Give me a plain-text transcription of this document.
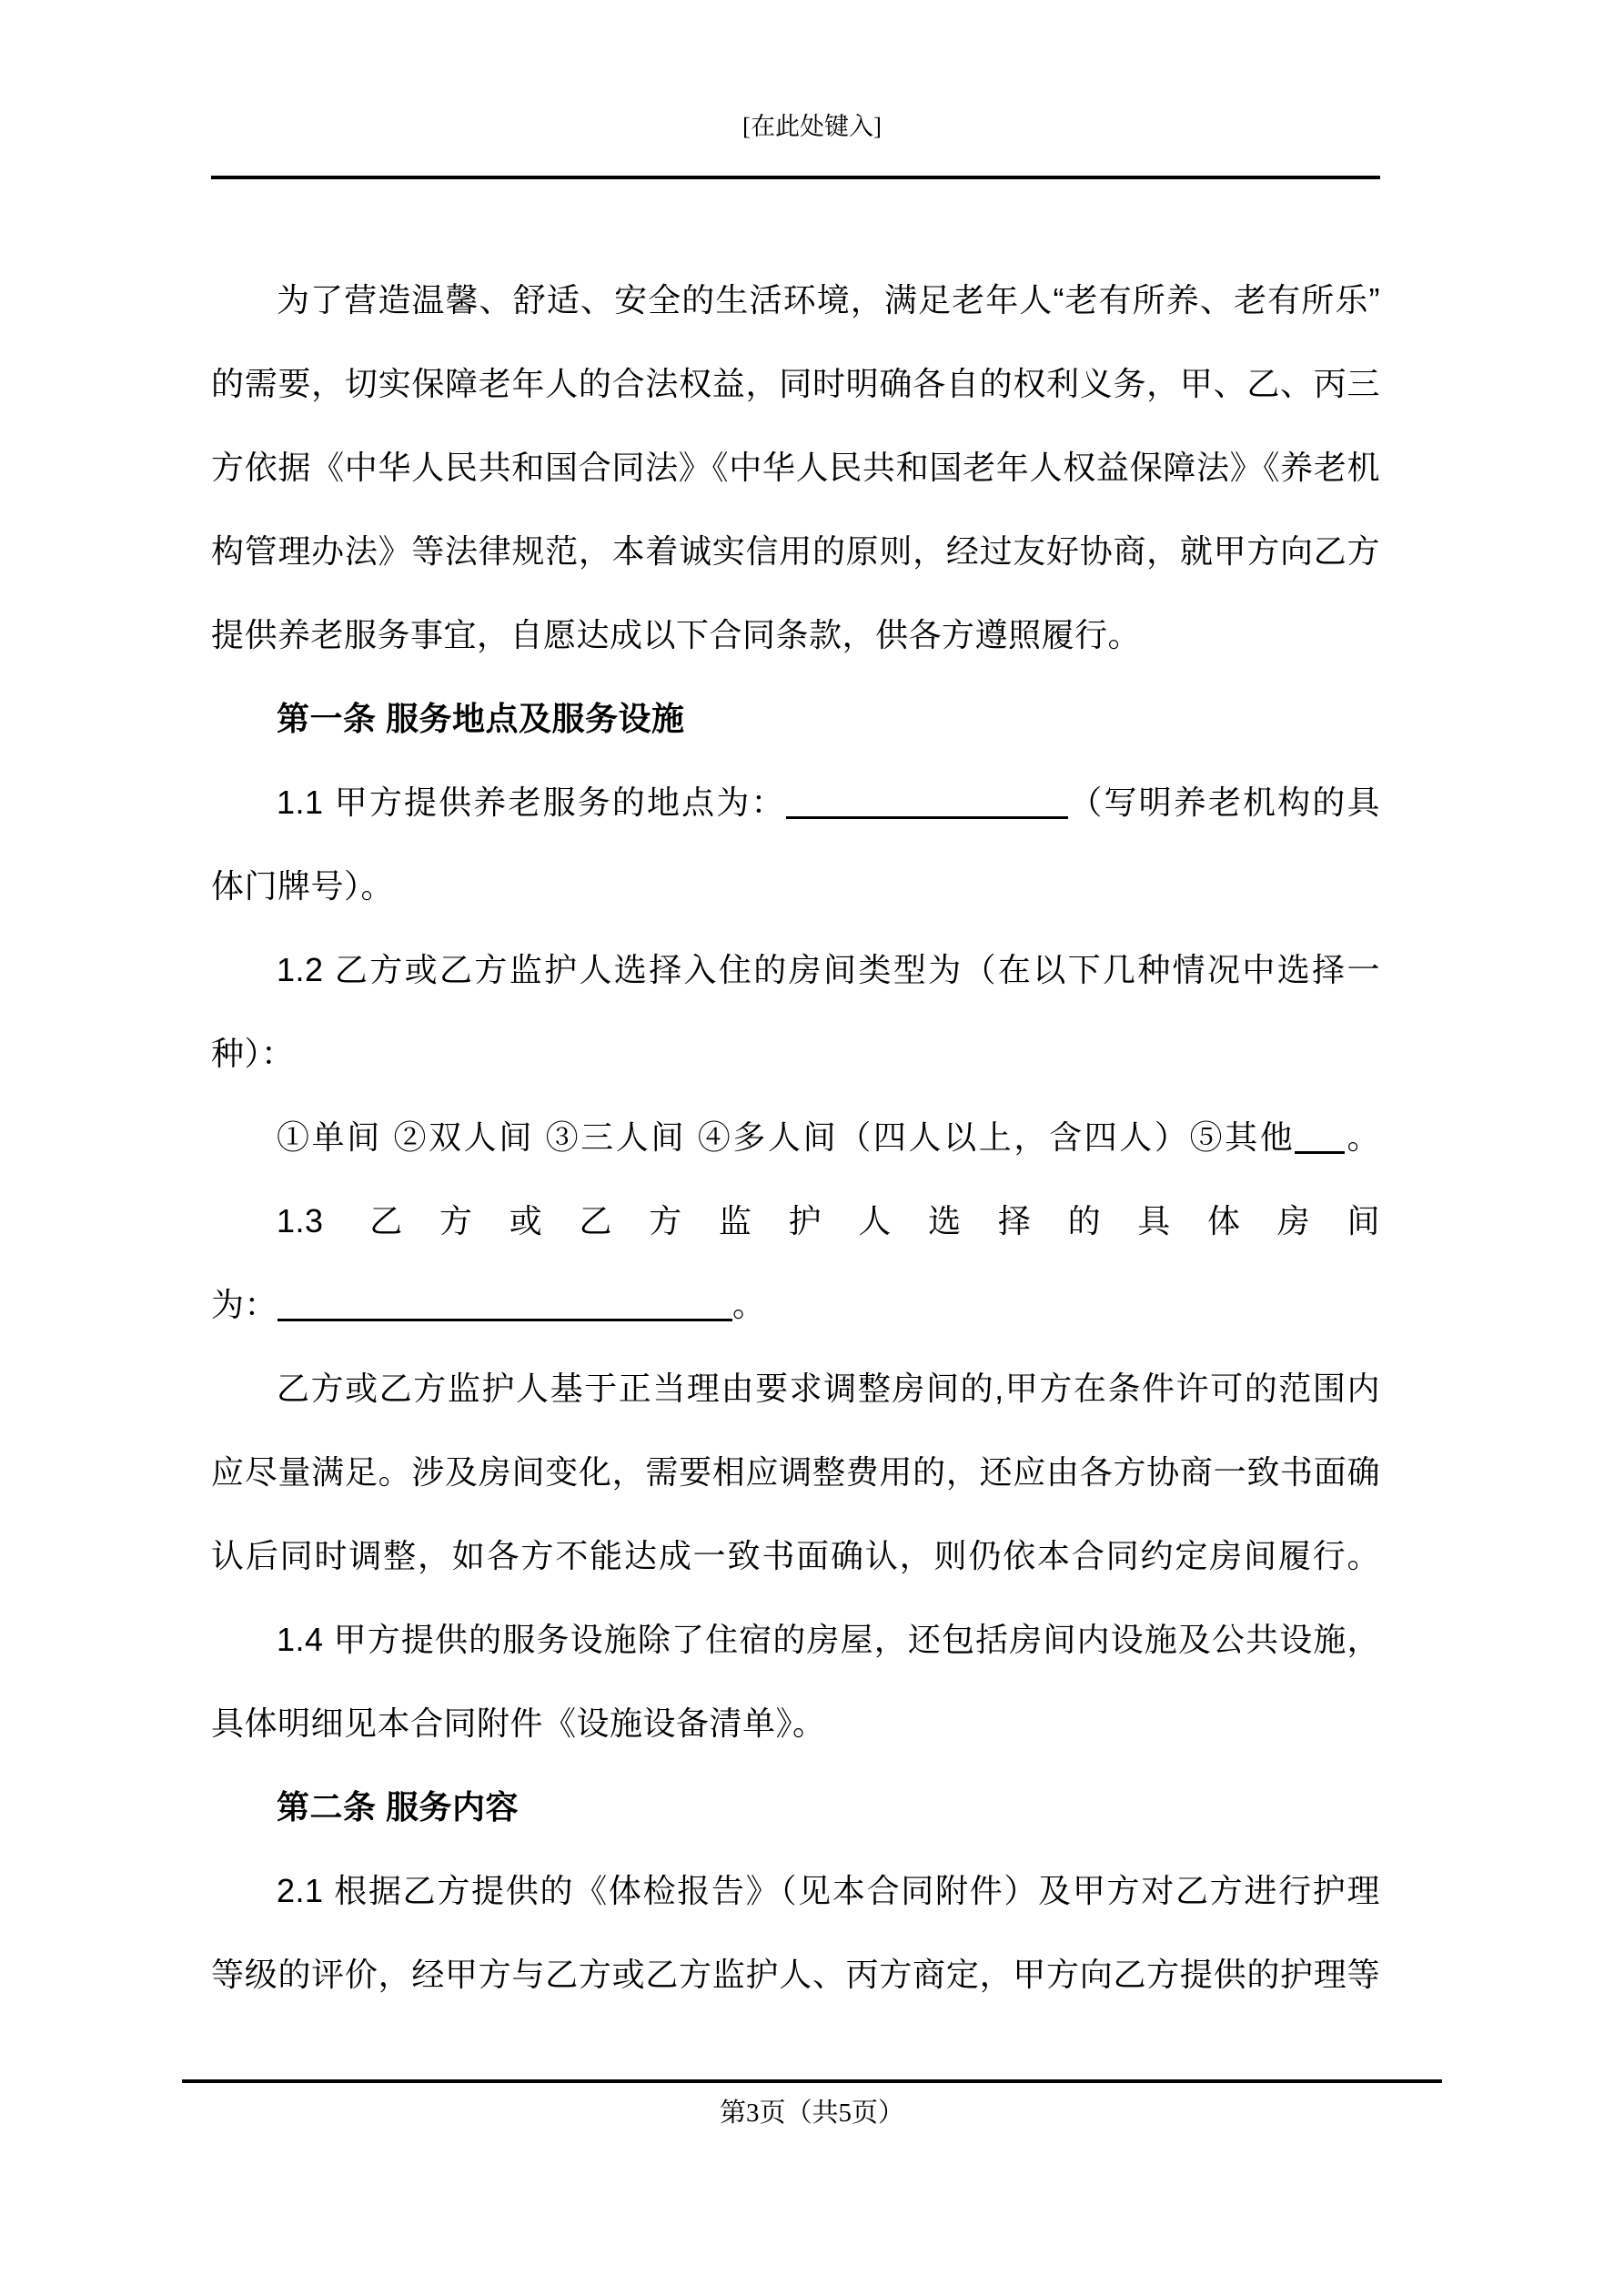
[在此处键入]
为了营造温馨、舒适、安全的生活环境，满足老年人“老有所养、老有所乐”
的需要，切实保障老年人的合法权益，同时明确各自的权利义务，甲、乙、丙三
方依据《中华人民共和国合同法》《中华人民共和国老年人权益保障法》《养老机
构管理办法》等法律规范，本着诚实信用的原则，经过友好协商，就甲方向乙方
提供养老服务事宜，自愿达成以下合同条款，供各方遵照履行。
第一条 服务地点及服务设施
1.1 甲方提供养老服务的地点为：	（写明养老机构的具
体门牌号）。
1.2 乙方或乙方监护人选择入住的房间类型为（在以下几种情况中选择一
种）：
①单间 ②双人间 ③三人间 ④多人间（四人以上，含四人）⑤其他 。
1.3 乙方或乙方监护人选择的具体房间
为：	。
乙方或乙方监护人基于正当理由要求调整房间的,甲方在条件许可的范围内
应尽量满足。涉及房间变化，需要相应调整费用的，还应由各方协商一致书面确
认后同时调整，如各方不能达成一致书面确认，则仍依本合同约定房间履行。
1.4 甲方提供的服务设施除了住宿的房屋，还包括房间内设施及公共设施，
具体明细见本合同附件《设施设备清单》。
第二条 服务内容
2.1 根据乙方提供的《体检报告》（见本合同附件）及甲方对乙方进行护理
等级的评价，经甲方与乙方或乙方监护人、丙方商定，甲方向乙方提供的护理等
第3页（共5页）
